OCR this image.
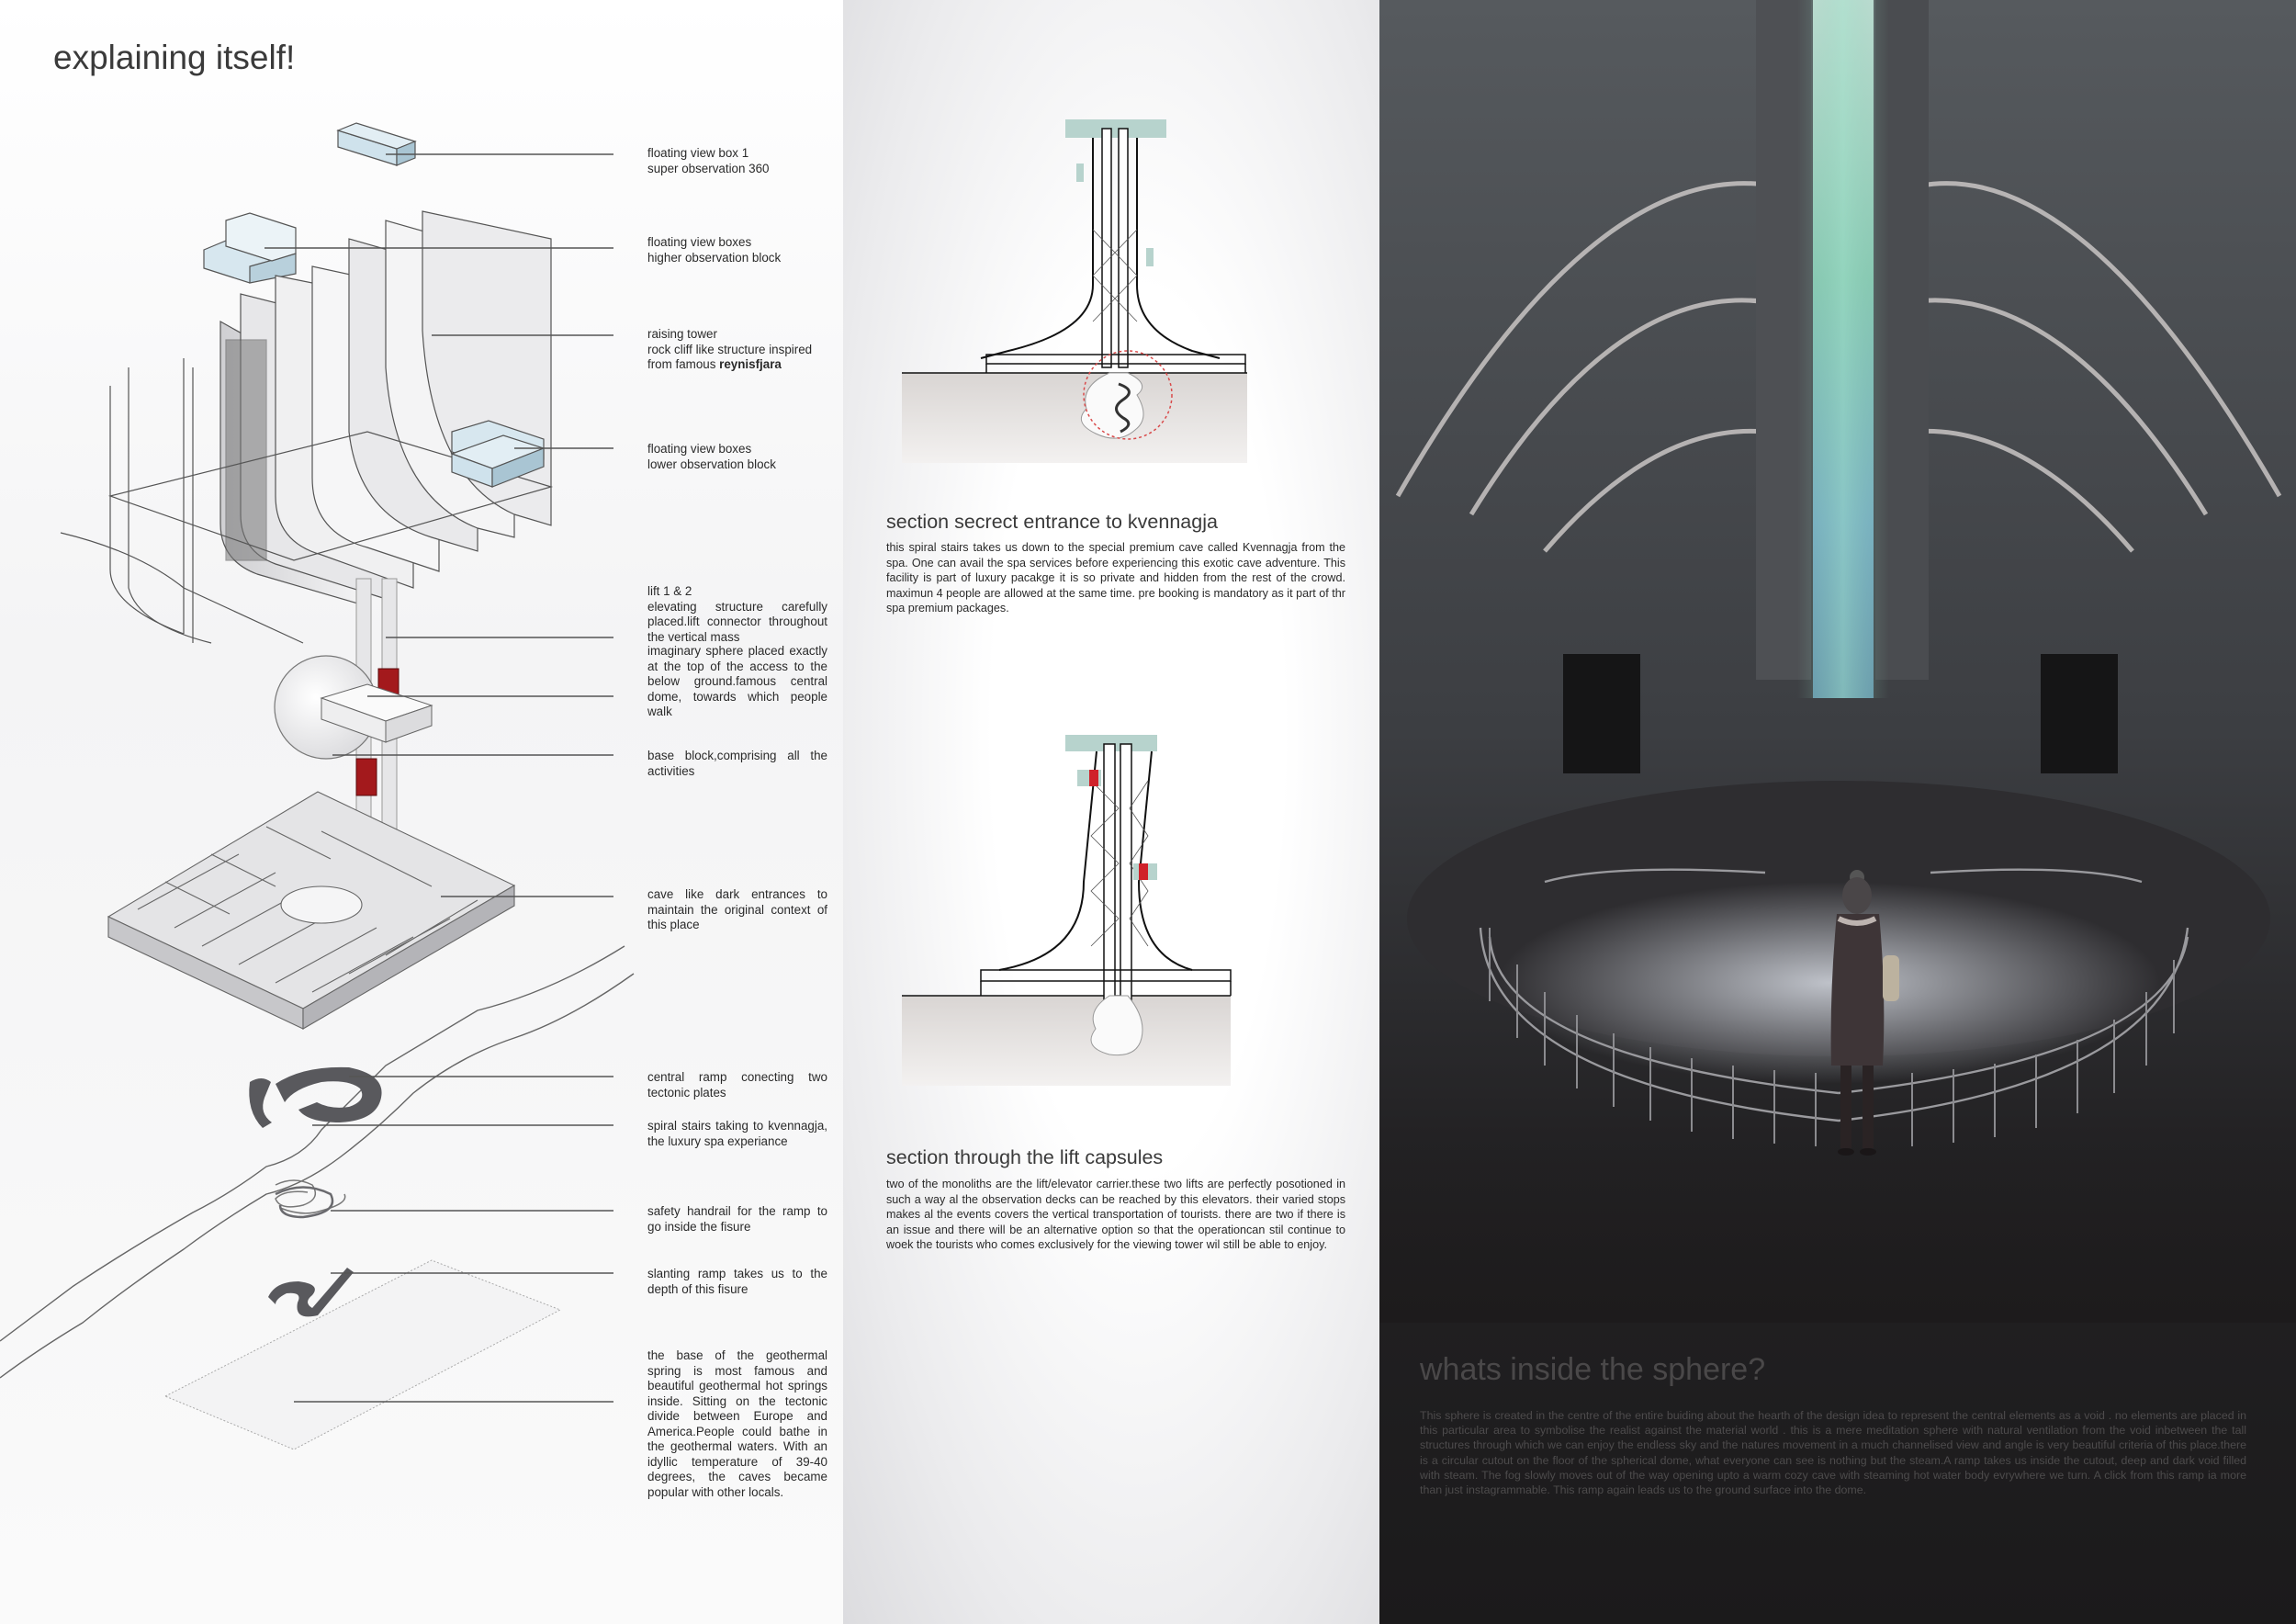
explaining itself!
floating view box 1
super observation 360
floating view boxes
higher observation block
raising tower
rock cliff like structure inspired
from famous reynisfjara
floating view boxes
lower observation block
lift 1 & 2
elevating structure carefully placed.lift connector throughout the vertical mass
imaginary sphere placed exactly at the top of the access to the below ground.famous central dome, towards which people walk
base block,comprising all the activities
cave like dark entrances to maintain the original context of this place
central ramp conecting two tectonic plates
spiral stairs taking to kvennagja, the luxury spa experiance
safety handrail for the ramp to go inside the fisure
slanting ramp takes us to the depth of this fisure
the base of the geothermal spring is most famous and beautiful geothermal hot springs inside. Sitting on the tectonic divide between Europe and America.People could bathe in the geothermal waters. With an idyllic temperature of 39-40 degrees, the caves became popular with other locals.
section secrect entrance to kvennagja
this spiral stairs takes us down to the special premium cave called Kvennagja from the spa. One can avail the spa services before experiencing this exotic cave adventure. This facility is part of luxury pacakge it is so private and hidden from the rest of the crowd. maximun 4 people are allowed at the same time. pre booking is mandatory as it part of thr spa premium packages.
section through the lift capsules
two of the monoliths are the lift/elevator carrier.these two lifts are perfectly posotioned in such a way al the observation decks can be reached by this elevators. their varied stops makes al the events covers the vertical transportation of tourists. there are two if there is an issue and there will be an alternative option so that the operationcan stil continue to woek the tourists who comes exclusively for the viewing tower wil still be able to enjoy.
whats inside the sphere?
This sphere is created in the centre of the entire buiding about the hearth of the design idea to represent the central elements as a void . no elements are placed in this particular area to symbolise the realist against the material world . this is a mere meditation sphere with natural ventilation from the void inbetween the tall structures through which we can enjoy the endless sky and the natures movement in a much channelised view and angle is very beautiful criteria of this place.there is a circular cutout on the floor of the spherical dome, what everyone can see is nothing but the steam.A ramp takes us inside the cutout, deep and dark void filled with steam. The fog slowly moves out of the way opening upto a warm cozy cave with steaming hot water body evrywhere we turn. A click from this ramp ia more than just instagrammable. This ramp again leads us to the ground surface into the dome.
